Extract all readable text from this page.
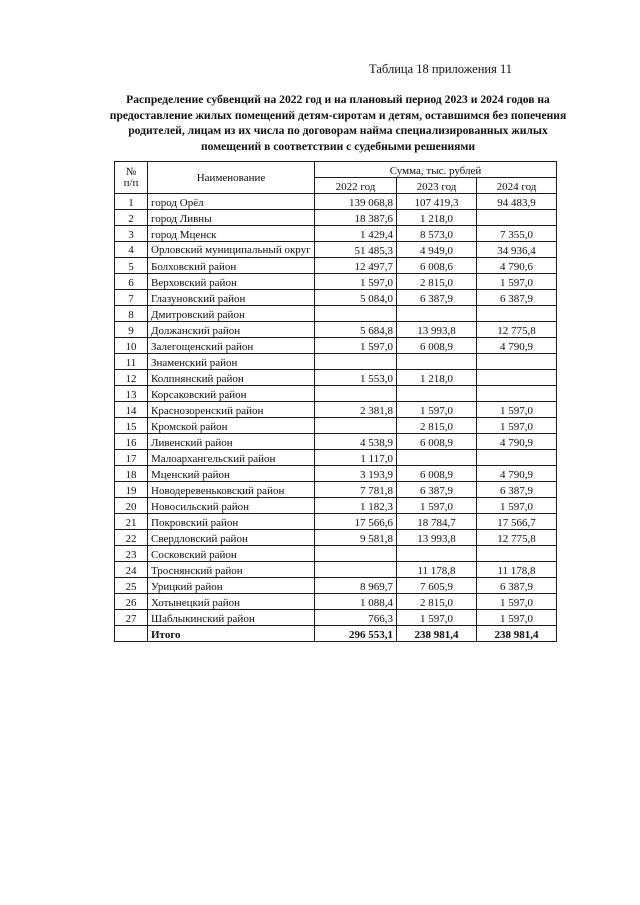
Таблица 18 приложения 11
Распределение субвенций на 2022 год и на плановый период 2023 и 2024 годов на
предоставление жилых помещений детям-сиротам и детям, оставшимся без попечения
родителей, лицам из их числа по договорам найма специализированных жилых
помещений в соответствии с судебными решениями
№
п/п	Наименование	Сумма, тыс. рублей		
		2022 год	2023 год	2024 год
1	город Орёл	139 068,8	107 419,3	94 483,9
2	город Ливны	18 387,6	1 218,0	
3	город Мценск	1 429,4	8 573,0	7 355,0
4	Орловский муниципальный округ	51 485,3	4 949,0	34 936,4
5	Болховский район	12 497,7	6 008,6	4 790,6
6	Верховский район	1 597,0	2 815,0	1 597,0
7	Глазуновский район	5 084,0	6 387,9	6 387,9
8	Дмитровский район			
9	Должанский район	5 684,8	13 993,8	12 775,8
10	Залегощенский район	1 597,0	6 008,9	4 790,9
11	Знаменский район			
12	Колпнянский район	1 553,0	1 218,0	
13	Корсаковский район			
14	Краснозоренский район	2 381,8	1 597,0	1 597,0
15	Кромской район		2 815,0	1 597,0
16	Ливенский район	4 538,9	6 008,9	4 790,9
17	Малоархангельский район	1 117,0		
18	Мценский район	3 193,9	6 008,9	4 790,9
19	Новодеревеньковский район	7 781,8	6 387,9	6 387,9
20	Новосильский район	1 182,3	1 597,0	1 597,0
21	Покровский район	17 566,6	18 784,7	17 566,7
22	Свердловский район	9 581,8	13 993,8	12 775,8
23	Сосковский район			
24	Троснянский район		11 178,8	11 178,8
25	Урицкий район	8 969,7	7 605,9	6 387,9
26	Хотынецкий район	1 088,4	2 815,0	1 597,0
27	Шаблыкинский район	766,3	1 597,0	1 597,0
	Итого	296 553,1	238 981,4	238 981,4
